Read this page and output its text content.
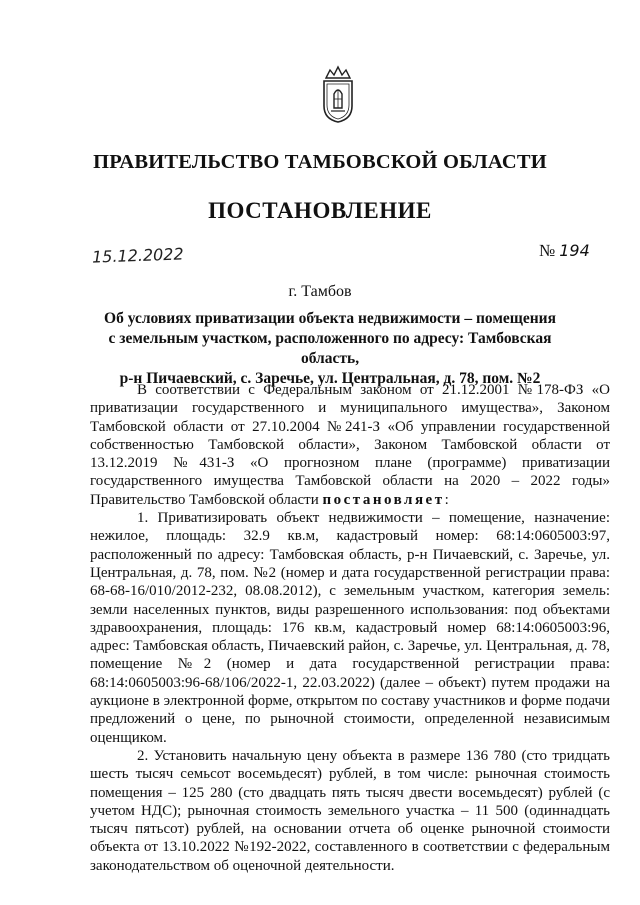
ПРАВИТЕЛЬСТВО ТАМБОВСКОЙ ОБЛАСТИ
ПОСТАНОВЛЕНИЕ
15.12.2022	№ 194
г. Тамбов
Об условиях приватизации объекта недвижимости – помещения
с земельным участком, расположенного по адресу: Тамбовская область,
р-н Пичаевский, с. Заречье, ул. Центральная, д. 78, пом. №2

В соответствии с Федеральным законом от 21.12.2001 №178-ФЗ «О приватизации государственного и муниципального имущества», Законом Тамбовской области от 27.10.2004 №241-З «Об управлении государственной собственностью Тамбовской области», Законом Тамбовской области от 13.12.2019 №431-З «О прогнозном плане (программе) приватизации государственного имущества Тамбовской области на 2020 – 2022 годы» Правительство Тамбовской области постановляет:

1. Приватизировать объект недвижимости – помещение, назначение: нежилое, площадь: 32.9 кв.м, кадастровый номер: 68:14:0605003:97, расположенный по адресу: Тамбовская область, р-н Пичаевский, с. Заречье, ул. Центральная, д. 78, пом. №2 (номер и дата государственной регистрации права: 68-68-16/010/2012-232, 08.08.2012), с земельным участком, категория земель: земли населенных пунктов, виды разрешенного использования: под объектами здравоохранения, площадь: 176 кв.м, кадастровый номер 68:14:0605003:96, адрес: Тамбовская область, Пичаевский район, с. Заречье, ул. Центральная, д. 78, помещение №2 (номер и дата государственной регистрации права: 68:14:0605003:96-68/106/2022-1, 22.03.2022) (далее – объект) путем продажи на аукционе в электронной форме, открытом по составу участников и форме подачи предложений о цене, по рыночной стоимости, определенной независимым оценщиком.

2. Установить начальную цену объекта в размере 136 780 (сто тридцать шесть тысяч семьсот восемьдесят) рублей, в том числе: рыночная стоимость помещения – 125 280 (сто двадцать пять тысяч двести восемьдесят) рублей (с учетом НДС); рыночная стоимость земельного участка – 11 500 (одиннадцать тысяч пятьсот) рублей, на основании отчета об оценке рыночной стоимости объекта от 13.10.2022 №192-2022, составленного в соответствии с федеральным законодательством об оценочной деятельности.
